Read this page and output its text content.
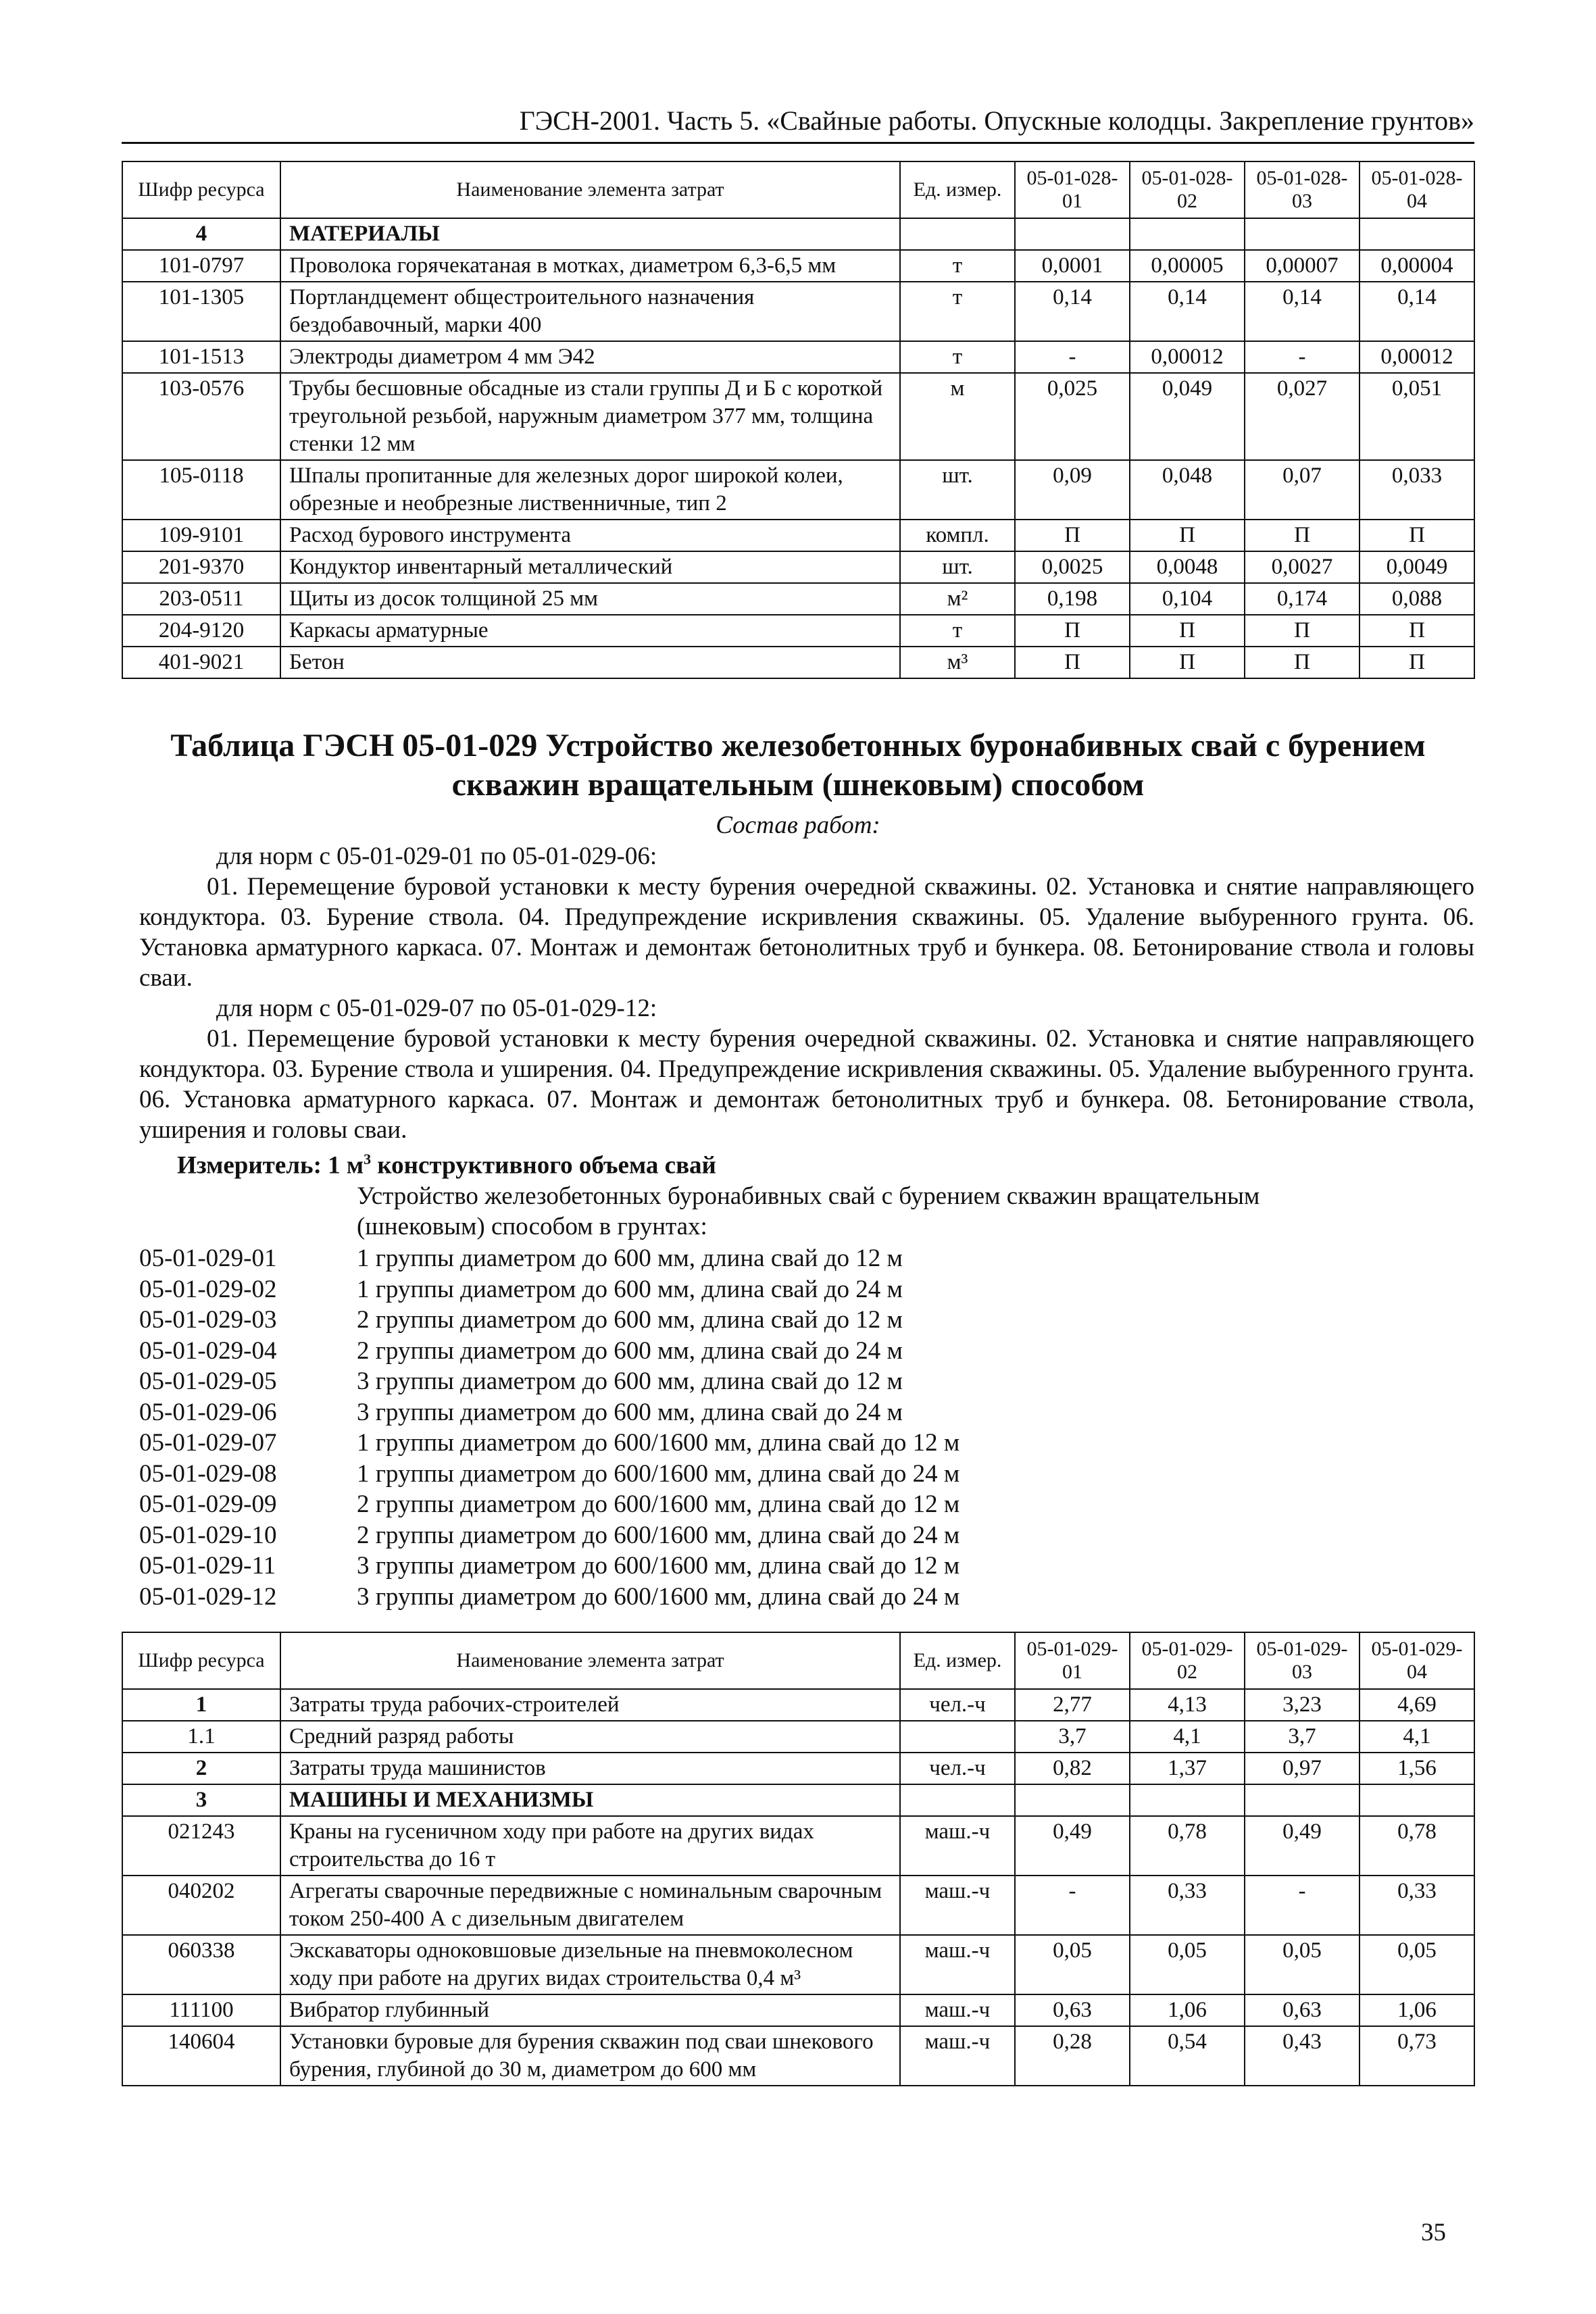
ГЭСН-2001. Часть 5. «Свайные работы. Опускные колодцы. Закрепление грунтов»
Шифр ресурса	Наименование элемента затрат	Ед. измер.	05-01-028-01	05-01-028-02	05-01-028-03	05-01-028-04
4	МАТЕРИАЛЫ					
101-0797	Проволока горячекатаная в мотках, диаметром 6,3-6,5 мм	т	0,0001	0,00005	0,00007	0,00004
101-1305	Портландцемент общестроительного назначения бездобавочный, марки 400	т	0,14	0,14	0,14	0,14
101-1513	Электроды диаметром 4 мм Э42	т	-	0,00012	-	0,00012
103-0576	Трубы бесшовные обсадные из стали группы Д и Б с короткой треугольной резьбой, наружным диаметром 377 мм, толщина стенки 12 мм	м	0,025	0,049	0,027	0,051
105-0118	Шпалы пропитанные для железных дорог широкой колеи, обрезные и необрезные лиственничные, тип 2	шт.	0,09	0,048	0,07	0,033
109-9101	Расход бурового инструмента	компл.	П	П	П	П
201-9370	Кондуктор инвентарный металлический	шт.	0,0025	0,0048	0,0027	0,0049
203-0511	Щиты из досок толщиной 25 мм	м²	0,198	0,104	0,174	0,088
204-9120	Каркасы арматурные	т	П	П	П	П
401-9021	Бетон	м³	П	П	П	П
Таблица ГЭСН 05-01-029 Устройство железобетонных буронабивных свай с бурением скважин вращательным (шнековым) способом
Состав работ:
для норм с 05-01-029-01 по 05-01-029-06:
01. Перемещение буровой установки к месту бурения очередной скважины. 02. Установка и снятие направляющего кондуктора. 03. Бурение ствола. 04. Предупреждение искривления скважины. 05. Удаление выбуренного грунта. 06. Установка арматурного каркаса. 07. Монтаж и демонтаж бетонолитных труб и бункера. 08. Бетонирование ствола и головы сваи.
для норм с 05-01-029-07 по 05-01-029-12:
01. Перемещение буровой установки к месту бурения очередной скважины. 02. Установка и снятие направляющего кондуктора. 03. Бурение ствола и уширения. 04. Предупреждение искривления скважины. 05. Удаление выбуренного грунта. 06. Установка арматурного каркаса. 07. Монтаж и демонтаж бетонолитных труб и бункера. 08. Бетонирование ствола, уширения и головы сваи.
Измеритель: 1 $м^3$ конструктивного объема свай
Устройство железобетонных буронабивных свай с бурением скважин вращательным (шнековым) способом в грунтах:
05-01-029-01	1 группы диаметром до 600 мм, длина свай до 12 м
05-01-029-02	1 группы диаметром до 600 мм, длина свай до 24 м
05-01-029-03	2 группы диаметром до 600 мм, длина свай до 12 м
05-01-029-04	2 группы диаметром до 600 мм, длина свай до 24 м
05-01-029-05	3 группы диаметром до 600 мм, длина свай до 12 м
05-01-029-06	3 группы диаметром до 600 мм, длина свай до 24 м
05-01-029-07	1 группы диаметром до 600/1600 мм, длина свай до 12 м
05-01-029-08	1 группы диаметром до 600/1600 мм, длина свай до 24 м
05-01-029-09	2 группы диаметром до 600/1600 мм, длина свай до 12 м
05-01-029-10	2 группы диаметром до 600/1600 мм, длина свай до 24 м
05-01-029-11	3 группы диаметром до 600/1600 мм, длина свай до 12 м
05-01-029-12	3 группы диаметром до 600/1600 мм, длина свай до 24 м
Шифр ресурса	Наименование элемента затрат	Ед. измер.	05-01-029-01	05-01-029-02	05-01-029-03	05-01-029-04
1	Затраты труда рабочих-строителей	чел.-ч	2,77	4,13	3,23	4,69
1.1	Средний разряд работы		3,7	4,1	3,7	4,1
2	Затраты труда машинистов	чел.-ч	0,82	1,37	0,97	1,56
3	МАШИНЫ И МЕХАНИЗМЫ					
021243	Краны на гусеничном ходу при работе на других видах строительства до 16 т	маш.-ч	0,49	0,78	0,49	0,78
040202	Агрегаты сварочные передвижные с номинальным сварочным током 250-400 А с дизельным двигателем	маш.-ч	-	0,33	-	0,33
060338	Экскаваторы одноковшовые дизельные на пневмоколесном ходу при работе на других видах строительства 0,4 м³	маш.-ч	0,05	0,05	0,05	0,05
111100	Вибратор глубинный	маш.-ч	0,63	1,06	0,63	1,06
140604	Установки буровые для бурения скважин под сваи шнекового бурения, глубиной до 30 м, диаметром до 600 мм	маш.-ч	0,28	0,54	0,43	0,73
35
